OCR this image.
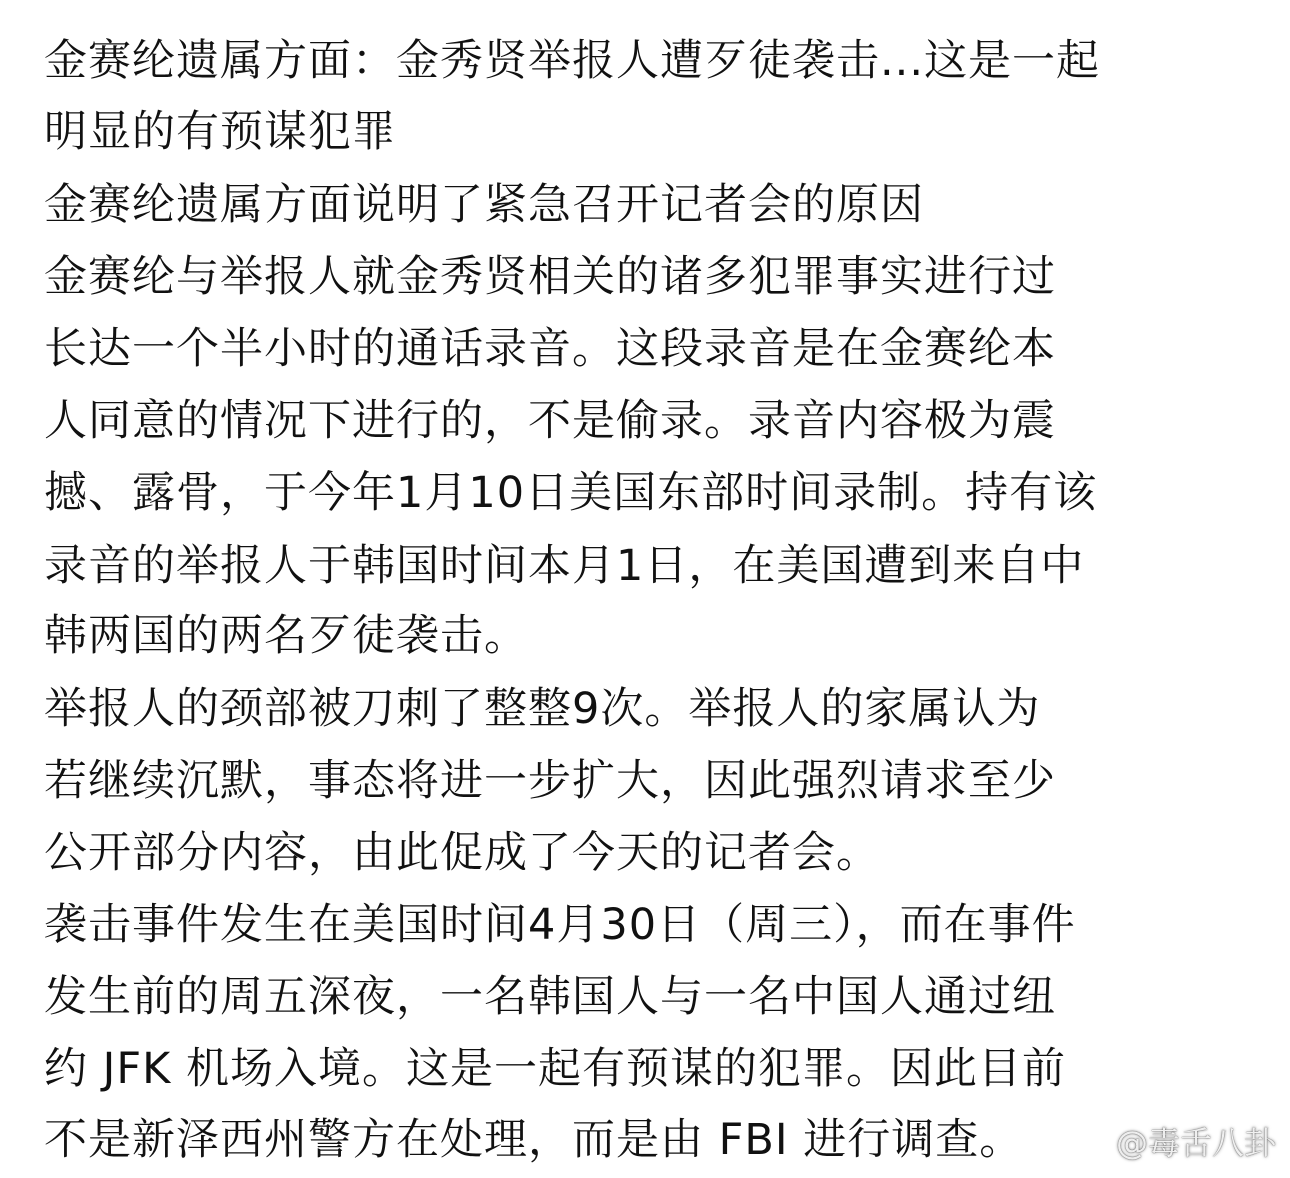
金赛纶遗属方面：金秀贤举报人遭歹徒袭击...这是一起
明显的有预谋犯罪
金赛纶遗属方面说明了紧急召开记者会的原因
金赛纶与举报人就金秀贤相关的诸多犯罪事实进行过
长达一个半小时的通话录音。这段录音是在金赛纶本
人同意的情况下进行的，不是偷录。录音内容极为震
撼、露骨，于今年1月10日美国东部时间录制。持有该
录音的举报人于韩国时间本月1日，在美国遭到来自中
韩两国的两名歹徒袭击。
举报人的颈部被刀刺了整整9次。举报人的家属认为
若继续沉默，事态将进一步扩大，因此强烈请求至少
公开部分内容，由此促成了今天的记者会。
袭击事件发生在美国时间4月30日（周三），而在事件
发生前的周五深夜，一名韩国人与一名中国人通过纽
约 JFK 机场入境。这是一起有预谋的犯罪。因此目前
不是新泽西州警方在处理，而是由 FBI 进行调查。	@毒舌八卦
